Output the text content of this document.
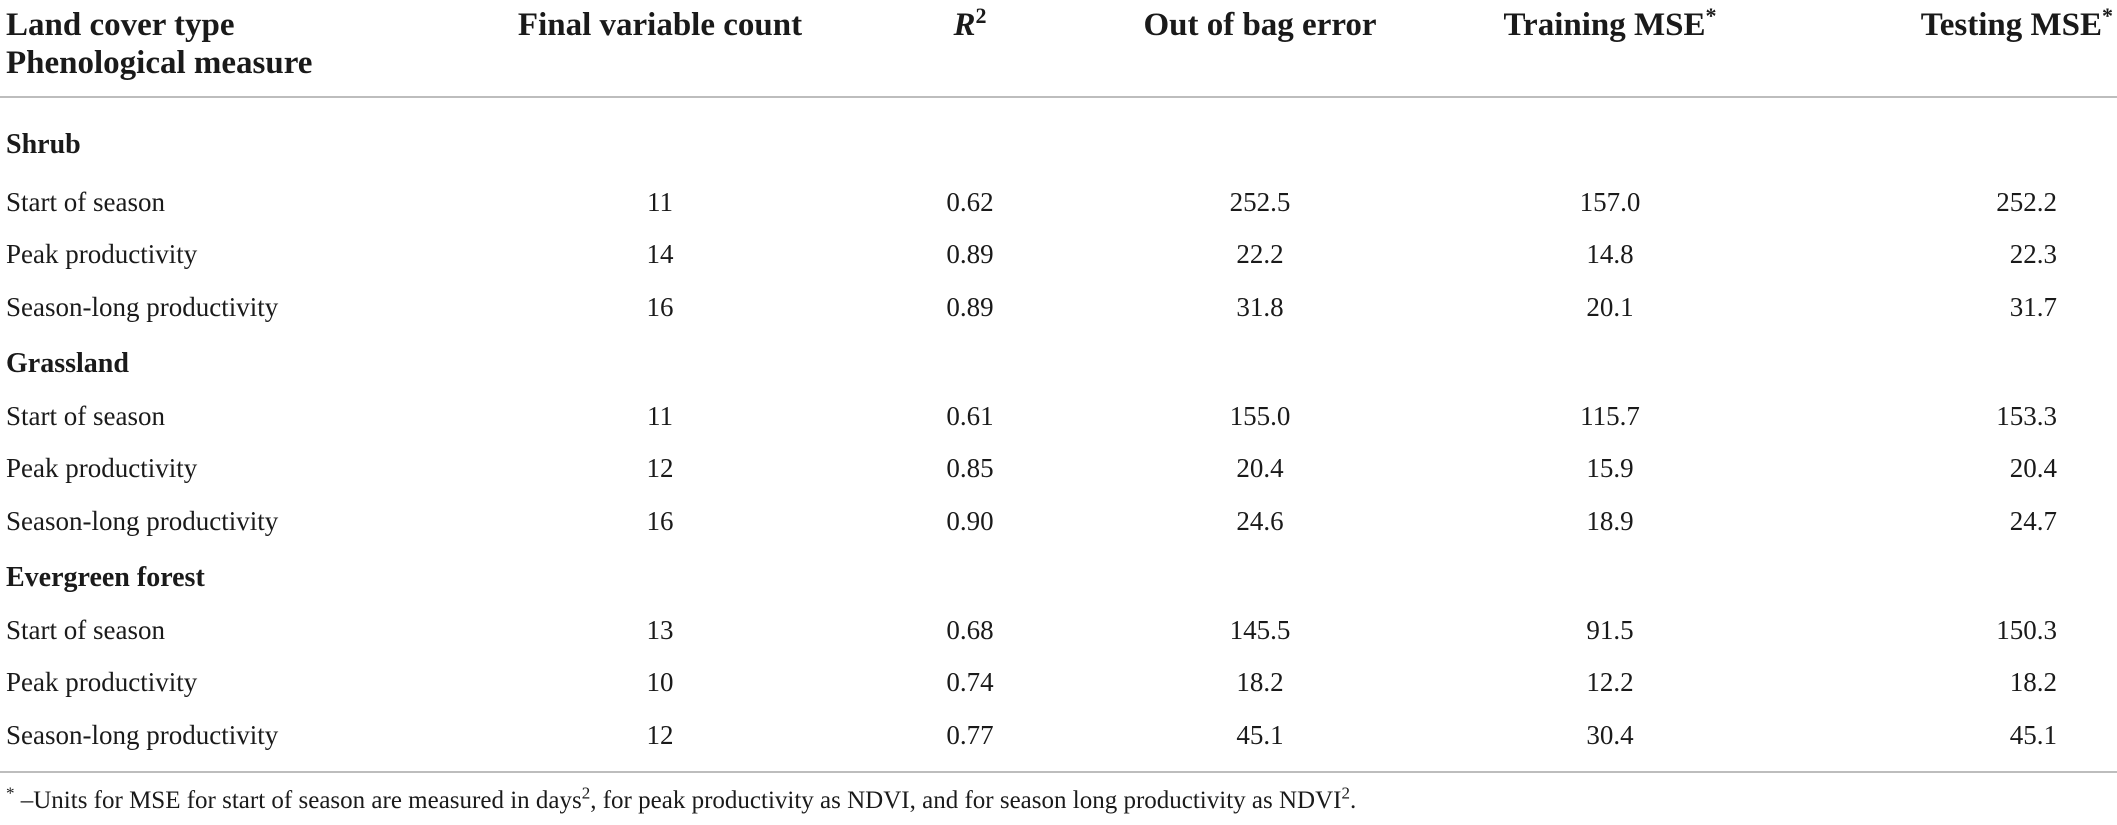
Land cover type
Phenological measure	Final variable count	$R^2$	Out of bag error	Training MSE*	Testing MSE*
Shrub					
Start of season	11	0.62	252.5	157.0	252.2
Peak productivity	14	0.89	22.2	14.8	22.3
Season-long productivity	16	0.89	31.8	20.1	31.7
Grassland					
Start of season	11	0.61	155.0	115.7	153.3
Peak productivity	12	0.85	20.4	15.9	20.4
Season-long productivity	16	0.90	24.6	18.9	24.7
Evergreen forest					
Start of season	13	0.68	145.5	91.5	150.3
Peak productivity	10	0.74	18.2	12.2	18.2
Season-long productivity	12	0.77	45.1	30.4	45.1
* –Units for MSE for start of season are measured in days$^2$, for peak productivity as NDVI, and for season long productivity as NDVI$^2$.
